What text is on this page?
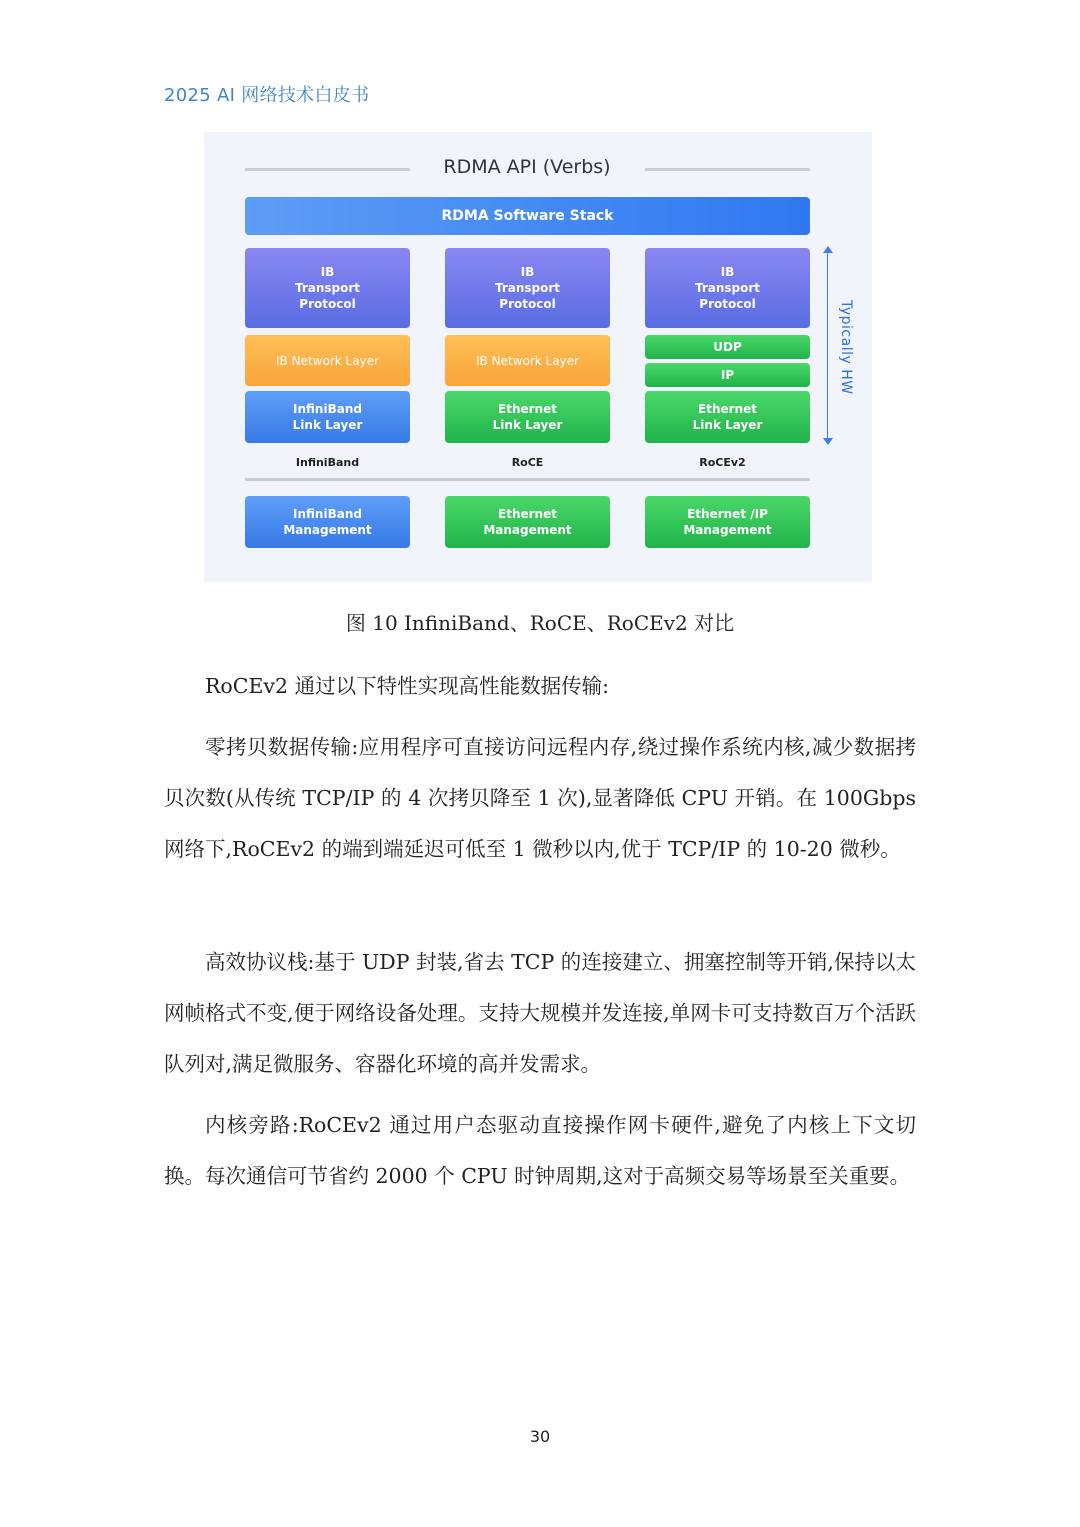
2025 AI 网络技术白皮书
RDMA API (Verbs)
RDMA Software Stack
IB
Transport
Protocol
IB Network Layer
InfiniBand
Link Layer
InfiniBand
IB
Transport
Protocol
IB Network Layer
Ethernet
Link Layer
RoCE
IB
Transport
Protocol
UDP
IP
Ethernet
Link Layer
RoCEv2
Typically HW
InfiniBand
Management
Ethernet
Management
Ethernet /IP
Management
图 10 InfiniBand、RoCE、RoCEv2 对比

RoCEv2 通过以下特性实现高性能数据传输:

零拷贝数据传输:应用程序可直接访问远程内存,绕过操作系统内核,减少数据拷贝次数(从传统 TCP/IP 的 4 次拷贝降至 1 次),显著降低 CPU 开销。在 100Gbps 网络下,RoCEv2 的端到端延迟可低至 1 微秒以内,优于 TCP/IP 的 10-20 微秒。

高效协议栈:基于 UDP 封装,省去 TCP 的连接建立、拥塞控制等开销,保持以太网帧格式不变,便于网络设备处理。支持大规模并发连接,单网卡可支持数百万个活跃队列对,满足微服务、容器化环境的高并发需求。

内核旁路:RoCEv2 通过用户态驱动直接操作网卡硬件,避免了内核上下文切换。每次通信可节省约 2000 个 CPU 时钟周期,这对于高频交易等场景至关重要。

30
